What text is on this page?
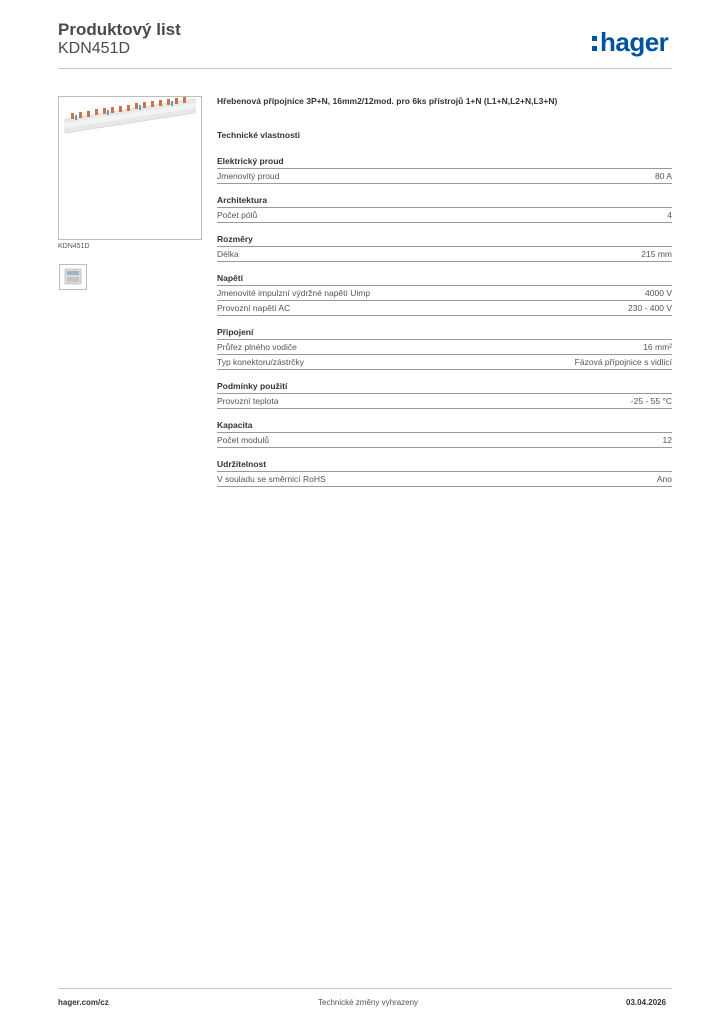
Produktový list
KDN451D	hager
KDN451D
Hřebenová přípojnice 3P+N, 16mm2/12mod. pro 6ks přístrojů 1+N (L1+N,L2+N,L3+N)
Technické vlastnosti
Elektrický proud
Jmenovitý proud	80 A
Architektura
Počet pólů	4
Rozměry
Délka	215 mm
Napětí
Jmenovité impulzní výdržné napětí Uimp	4000 V
Provozní napětí AC	230 - 400 V
Připojení
Průřez plného vodiče	16 mm²
Typ konektoru/zástrčky	Fázová přípojnice s vidlicí
Podmínky použití
Provozní teplota	-25 - 55 °C
Kapacita
Počet modulů	12
Udržitelnost
V souladu se směrnicí RoHS	Ano
hager.com/cz	Technické změny vyhrazeny	03.04.2026
